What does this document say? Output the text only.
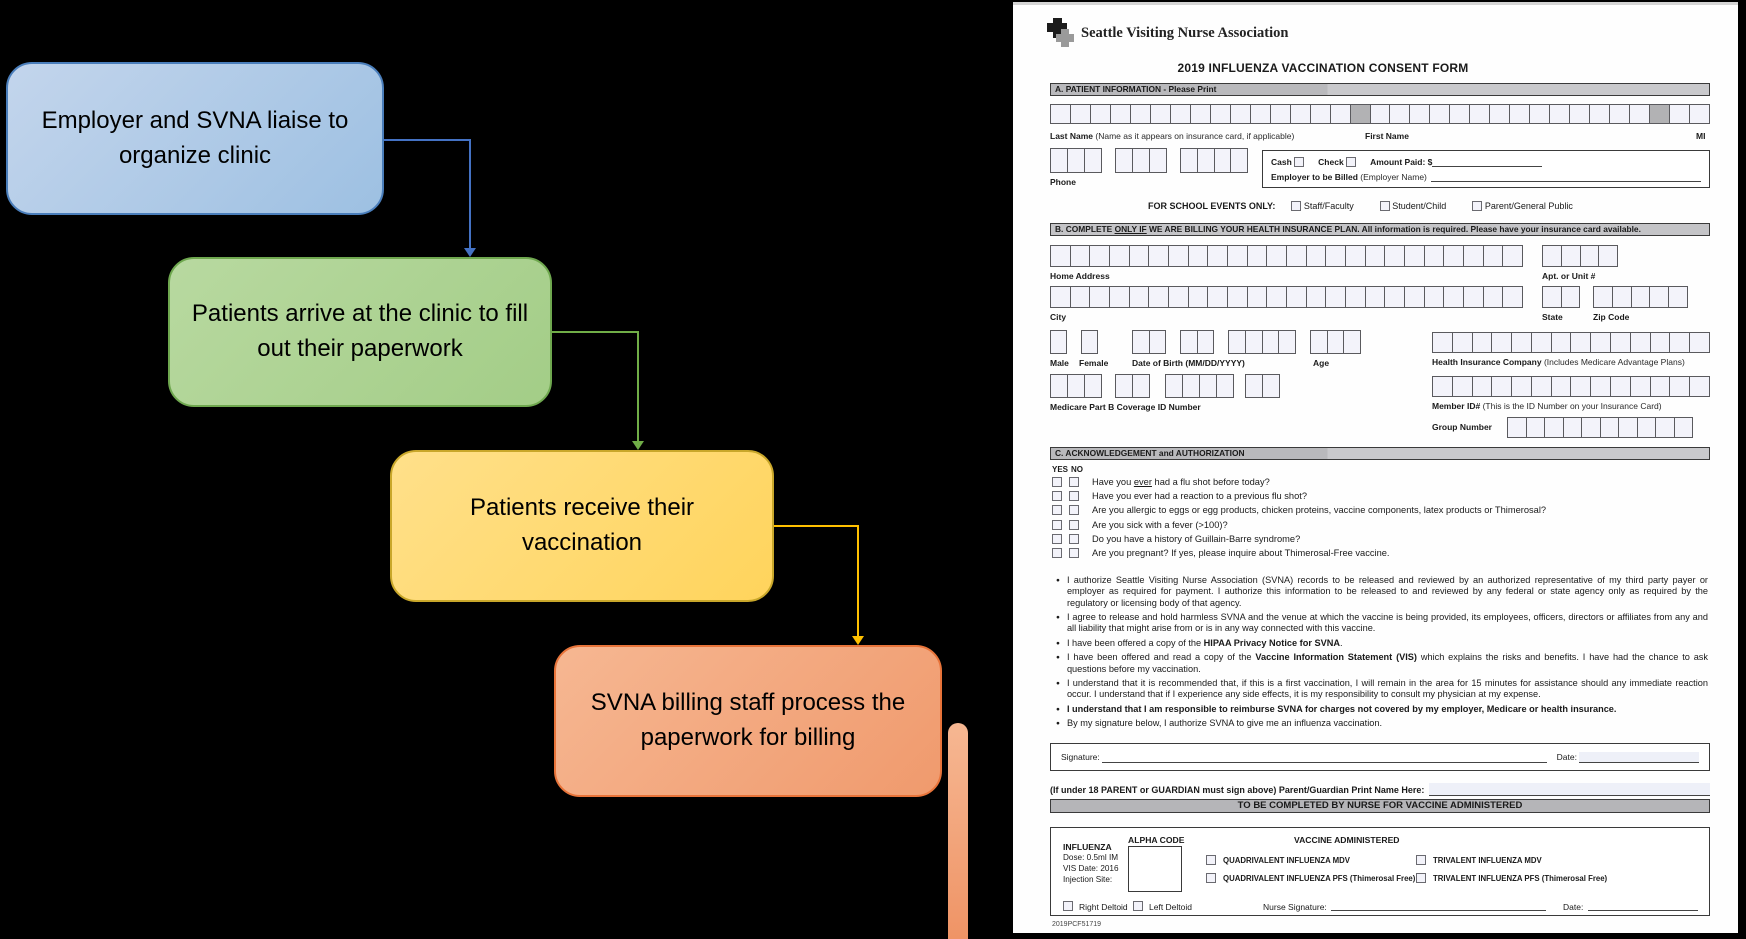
Employer and SVNA liaise to organize clinic
Patients arrive at the clinic to fill out their paperwork
Patients receive their vaccination
SVNA billing staff process the paperwork for billing
Seattle Visiting Nurse Association
2019 INFLUENZA VACCINATION CONSENT FORM
A. PATIENT INFORMATION - Please Print
Last Name (Name as it appears on insurance card, if applicable)	First Name	MI
Phone
Cash
	Check
	Amount Paid: $
Employer to be Billed
(Employer Name)
FOR SCHOOL EVENTS ONLY:
	Staff/Faculty
	Student/Child
	Parent/General Public
B. COMPLETE ONLY IF WE ARE BILLING YOUR HEALTH INSURANCE PLAN. All information is required. Please have your insurance card available.
Home Address	Apt. or Unit #
City	State	Zip Code
Male Female	Date of Birth (MM/DD/YYYY)	Age	Health Insurance Company (Includes Medicare Advantage Plans)
Medicare Part B Coverage ID Number	Member ID# (This is the ID Number on your Insurance Card)
Group Number
C. ACKNOWLEDGEMENT and AUTHORIZATION
YES NO
Have you ever had a flu shot before today?
Have you ever had a reaction to a previous flu shot?
Are you allergic to eggs or egg products, chicken proteins, vaccine components, latex products or Thimerosal?
Are you sick with a fever (>100)?
Do you have a history of Guillain-Barre syndrome?
Are you pregnant? If yes, please inquire about Thimerosal-Free vaccine.
● I authorize Seattle Visiting Nurse Association (SVNA) records to be released and reviewed by an authorized representative of my third party payer or employer as required for payment. I authorize this information to be released to and reviewed by any federal or state agency only as required by the regulatory or licensing body of that agency.
● I agree to release and hold harmless SVNA and the venue at which the vaccine is being provided, its employees, officers, directors or affiliates from any and all liability that might arise from or is in any way connected with this vaccine.
● I have been offered a copy of the HIPAA Privacy Notice for SVNA.
● I have been offered and read a copy of the Vaccine Information Statement (VIS) which explains the risks and benefits. I have had the chance to ask questions before my vaccination.
● I understand that it is recommended that, if this is a first vaccination, I will remain in the area for 15 minutes for assistance should any immediate reaction occur. I understand that if I experience any side effects, it is my responsibility to consult my physician at my expense.
● I understand that I am responsible to reimburse SVNA for charges not covered by my employer, Medicare or health insurance.
● By my signature below, I authorize SVNA to give me an influenza vaccination.
Signature:	Date:
(If under 18 PARENT or GUARDIAN must sign above) Parent/Guardian Print Name Here:
TO BE COMPLETED BY NURSE FOR VACCINE ADMINISTERED
INFLUENZA
Dose: 0.5ml IM
VIS Date: 2016
Injection Site:
ALPHA CODE	VACCINE ADMINISTERED
QUADRIVALENT INFLUENZA MDV	TRIVALENT INFLUENZA MDV
QUADRIVALENT INFLUENZA PFS (Thimerosal Free) TRIVALENT INFLUENZA PFS (Thimerosal Free)
Right Deltoid	Left Deltoid	Nurse Signature:	Date:
2019PCF51719
